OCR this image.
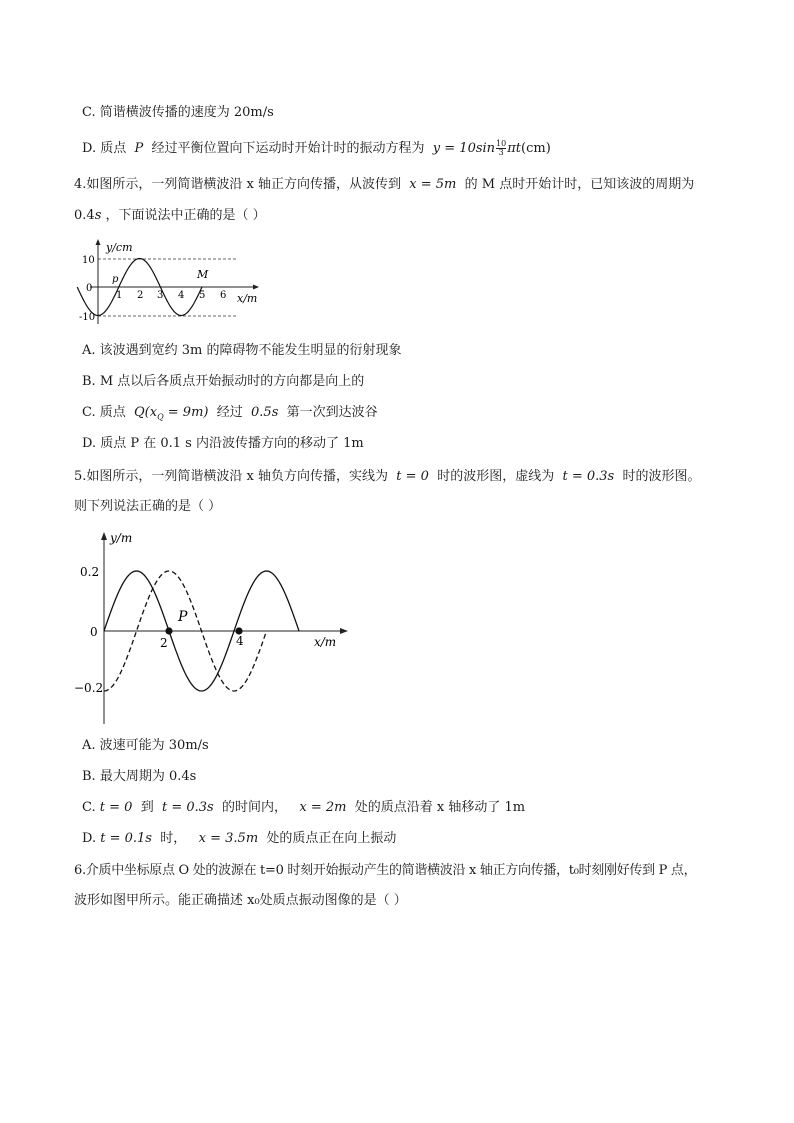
C. 简谐横波传播的速度为 20m/s
D. 质点 P 经过平衡位置向下运动时开始计时的振动方程为 $y = 10\sin \frac{10}{3} \pi t(cm)$
4.如图所示，一列简谐横波沿 x 轴正方向传播，从波传到 x = 5m 的 M 点时开始计时，已知该波的周期为
0.4s ，下面说法中正确的是（ ）
y/cm
x/m
10
0
-10
1 2 3 4 5 6
p	M
A. 该波遇到宽约 3m 的障碍物不能发生明显的衍射现象
B. M 点以后各质点开始振动时的方向都是向上的
C. 质点 $Q(x_Q = 9m)$ 经过 0.5s 第一次到达波谷
D. 质点 P 在 0.1 s 内沿波传播方向的移动了 1m
5.如图所示，一列简谐横波沿 x 轴负方向传播，实线为 t = 0 时的波形图，虚线为 t = 0.3s 时的波形图。
则下列说法正确的是（ ）
y/m
x/m
0.2
0
−0.2
2	4
P
A. 波速可能为 30m/s
B. 最大周期为 0.4s
C. t = 0 到 t = 0.3s 的时间内， x = 2m 处的质点沿着 x 轴移动了 1m
D. t = 0.1s 时， x = 3.5m 处的质点正在向上振动
6.介质中坐标原点 O 处的波源在 t=0 时刻开始振动产生的简谐横波沿 x 轴正方向传播，t₀时刻刚好传到 P 点，
波形如图甲所示。能正确描述 x₀处质点振动图像的是（ ）
